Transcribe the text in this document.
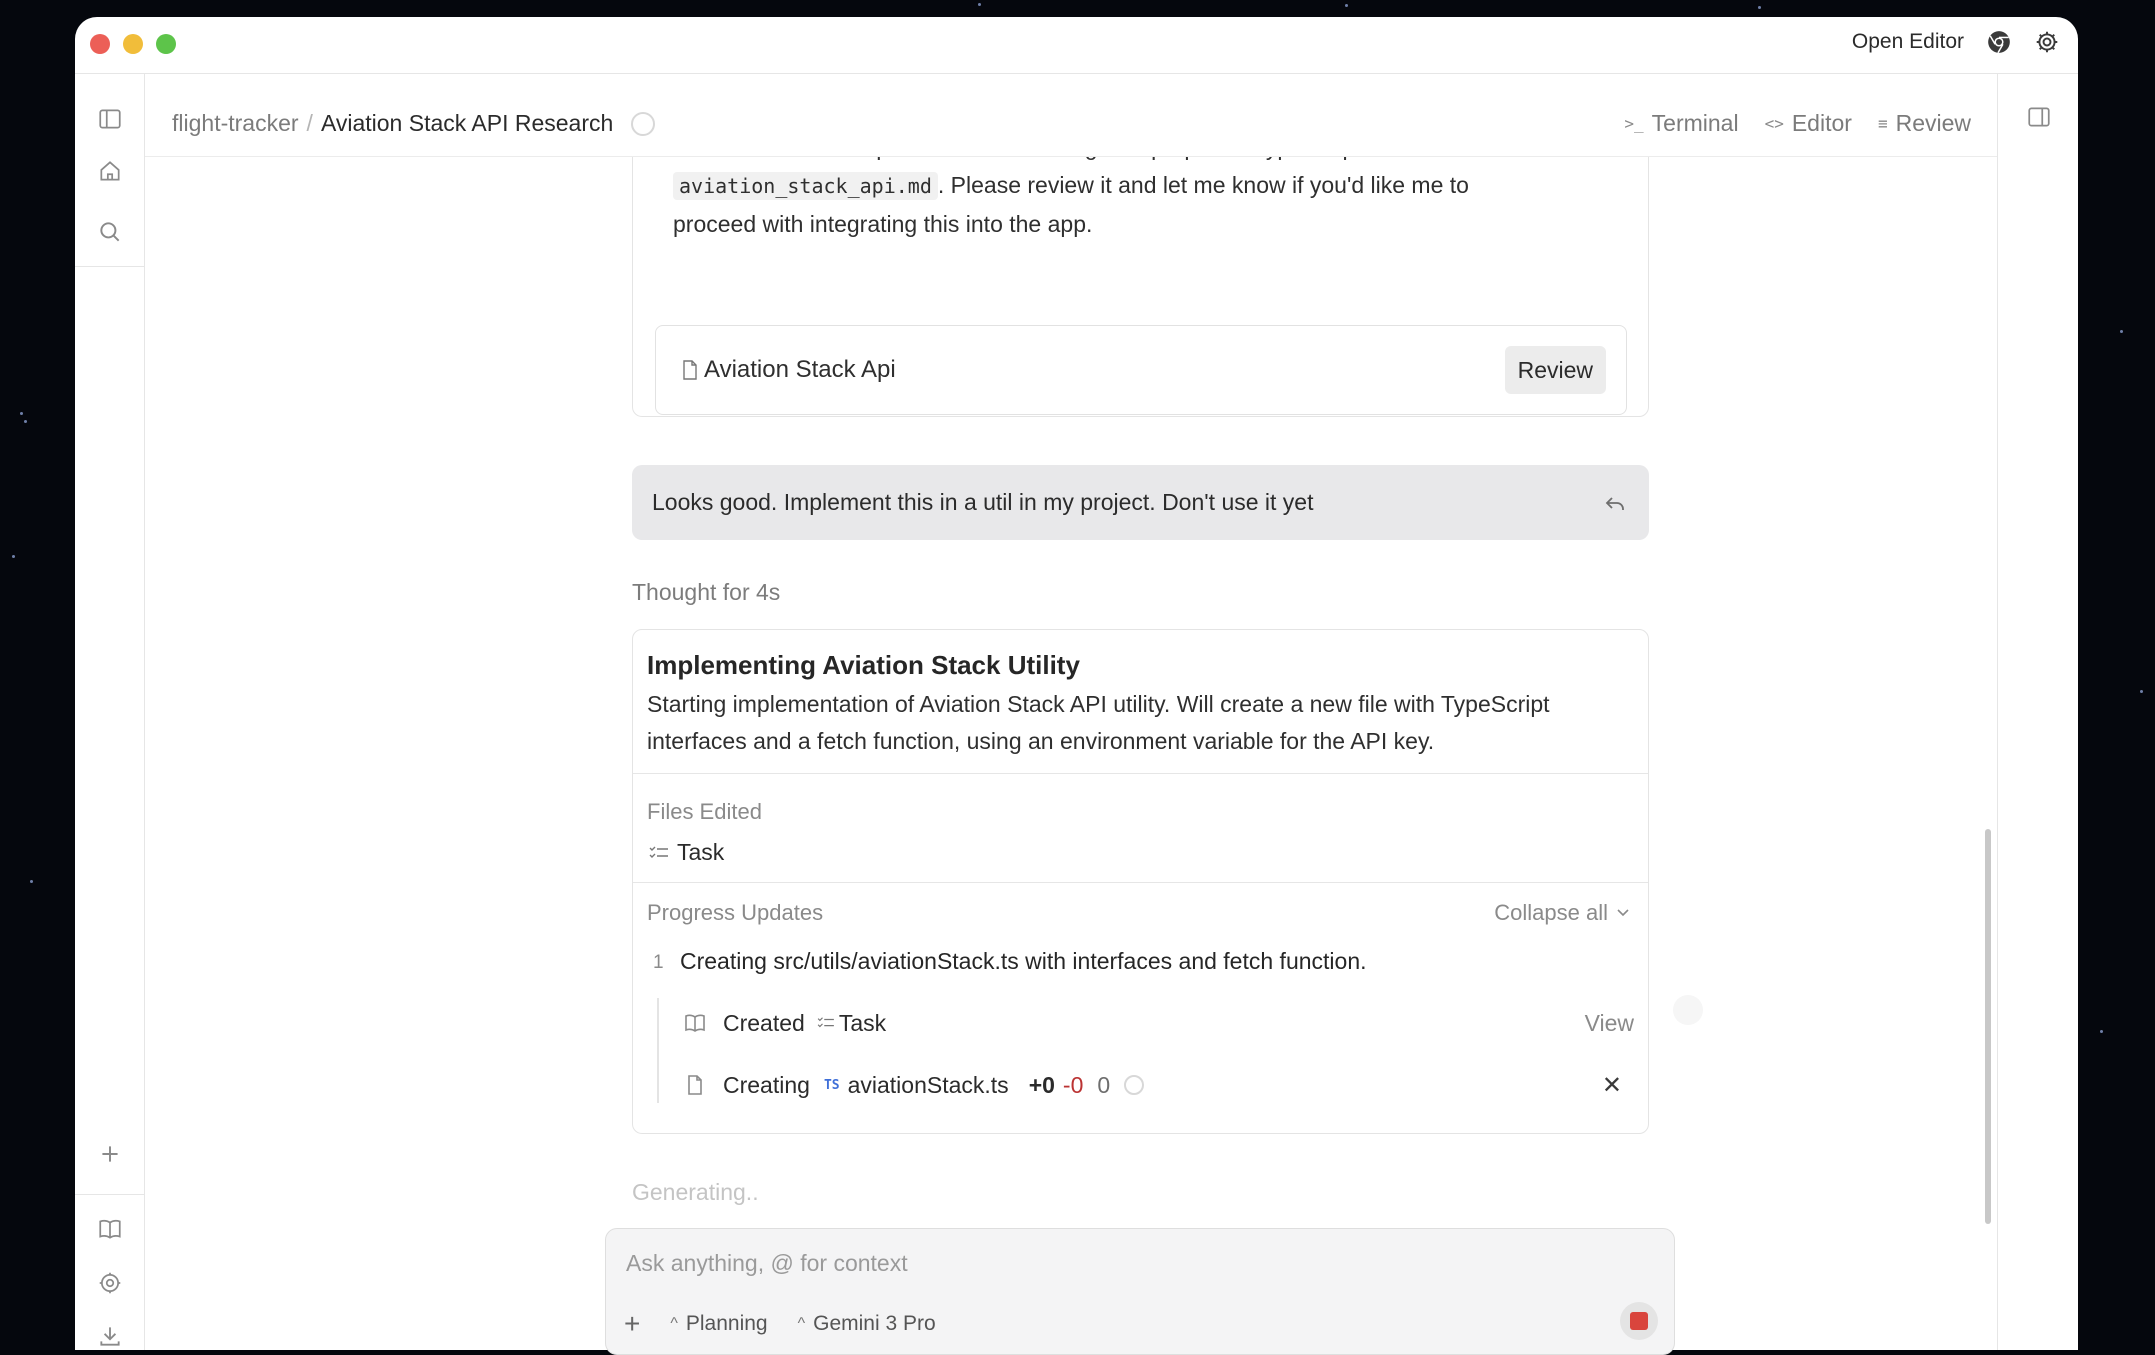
Open Editor
flight-tracker / Aviation Stack API Research	>_ Terminal <> Editor ≡ Review
aviation_stack_api.md . Please review it and let me know if you'd like me to
proceed with integrating this into the app.
Aviation Stack Api	Review
Looks good. Implement this in a util in my project. Don't use it yet
Thought for 4s
Implementing Aviation Stack Utility
Starting implementation of Aviation Stack API utility. Will create a new file with TypeScript interfaces and a fetch function, using an environment variable for the API key.
Files Edited
Task
Progress Updates	Collapse all
1 Creating src/utils/aviationStack.ts with interfaces and fetch function.
Created Task	View
Creating TS aviationStack.ts +0 -0 0	✕
Generating..
Ask anything, @ for context
+ ^ Planning ^ Gemini 3 Pro
